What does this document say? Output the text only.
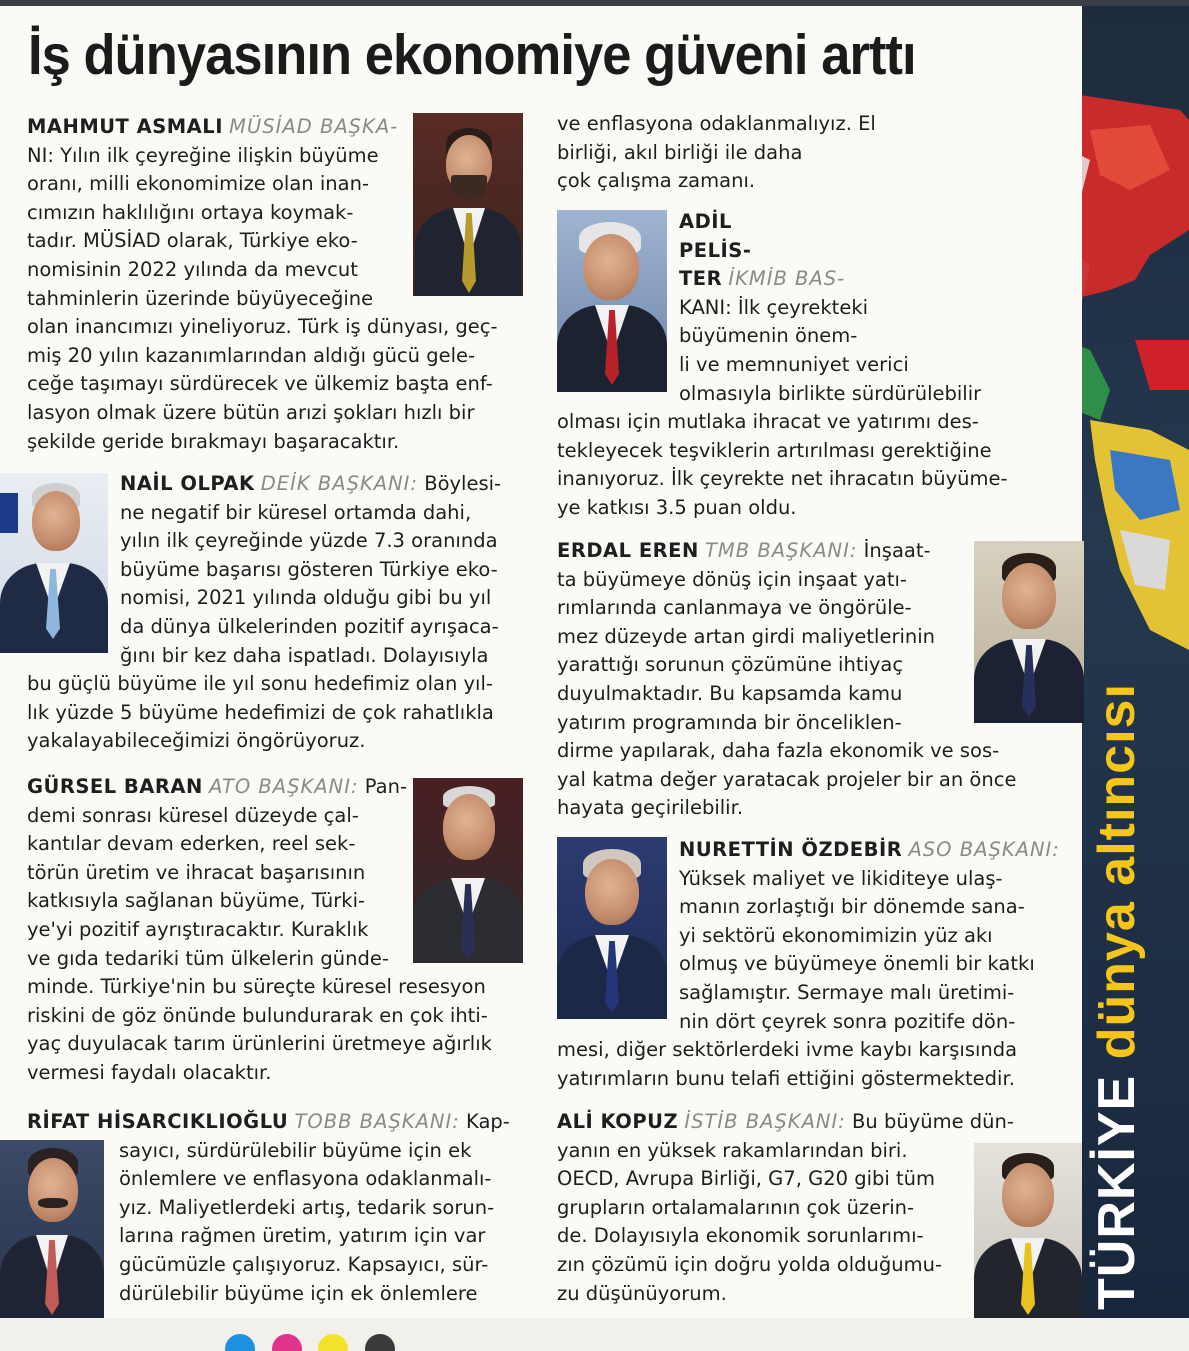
TÜRKİYE dünya altıncısı
İş dünyasının ekonomiye güveni arttı
MAHMUT ASMALI MÜSİAD BAŞKA-
NI: Yılın ilk çeyreğine ilişkin büyüme
oranı, milli ekonomimize olan inan-
cımızın haklılığını ortaya koymak-
tadır. MÜSİAD olarak, Türkiye eko-
nomisinin 2022 yılında da mevcut
tahminlerin üzerinde büyüyeceğine
olan inancımızı yineliyoruz. Türk iş dünyası, geç-
miş 20 yılın kazanımlarından aldığı gücü gele-
ceğe taşımayı sürdürecek ve ülkemiz başta enf-
lasyon olmak üzere bütün arızi şokları hızlı bir
şekilde geride bırakmayı başaracaktır.
NAİL OLPAK DEİK BAŞKANI: Böylesi-
ne negatif bir küresel ortamda dahi,
yılın ilk çeyreğinde yüzde 7.3 oranında
büyüme başarısı gösteren Türkiye eko-
nomisi, 2021 yılında olduğu gibi bu yıl
da dünya ülkelerinden pozitif ayrışaca-
ğını bir kez daha ispatladı. Dolayısıyla
bu güçlü büyüme ile yıl sonu hedefimiz olan yıl-
lık yüzde 5 büyüme hedefimizi de çok rahatlıkla
yakalayabileceğimizi öngörüyoruz.
GÜRSEL BARAN ATO BAŞKANI: Pan-
demi sonrası küresel düzeyde çal-
kantılar devam ederken, reel sek-
törün üretim ve ihracat başarısının
katkısıyla sağlanan büyüme, Türki-
ye'yi pozitif ayrıştıracaktır. Kuraklık
ve gıda tedariki tüm ülkelerin günde-
minde. Türkiye'nin bu süreçte küresel resesyon
riskini de göz önünde bulundurarak en çok ihti-
yaç duyulacak tarım ürünlerini üretmeye ağırlık
vermesi faydalı olacaktır.
RİFAT HİSARCIKLIOĞLU TOBB BAŞKANI: Kap-
sayıcı, sürdürülebilir büyüme için ek
önlemlere ve enflasyona odaklanmalı-
yız. Maliyetlerdeki artış, tedarik sorun-
larına rağmen üretim, yatırım için var
gücümüzle çalışıyoruz. Kapsayıcı, sür-
dürülebilir büyüme için ek önlemlere
ve enflasyona odaklanmalıyız. El
birliği, akıl birliği ile daha
çok çalışma zamanı.
ADİL
PELİS-
TER İKMİB BAS-
KANI: İlk çeyrekteki
büyümenin önem-
li ve memnuniyet verici
olmasıyla birlikte sürdürülebilir
olması için mutlaka ihracat ve yatırımı des-
tekleyecek teşviklerin artırılması gerektiğine
inanıyoruz. İlk çeyrekte net ihracatın büyüme-
ye katkısı 3.5 puan oldu.
ERDAL EREN TMB BAŞKANI: İnşaat-
ta büyümeye dönüş için inşaat yatı-
rımlarında canlanmaya ve öngörüle-
mez düzeyde artan girdi maliyetlerinin
yarattığı sorunun çözümüne ihtiyaç
duyulmaktadır. Bu kapsamda kamu
yatırım programında bir önceliklen-
dirme yapılarak, daha fazla ekonomik ve sos-
yal katma değer yaratacak projeler bir an önce
hayata geçirilebilir.
NURETTİN ÖZDEBİR ASO BAŞKANI:
Yüksek maliyet ve likiditeye ulaş-
manın zorlaştığı bir dönemde sana-
yi sektörü ekonomimizin yüz akı
olmuş ve büyümeye önemli bir katkı
sağlamıştır. Sermaye malı üretimi-
nin dört çeyrek sonra pozitife dön-
mesi, diğer sektörlerdeki ivme kaybı karşısında
yatırımların bunu telafi ettiğini göstermektedir.
ALİ KOPUZ İSTİB BAŞKANI: Bu büyüme dün-
yanın en yüksek rakamlarından biri.
OECD, Avrupa Birliği, G7, G20 gibi tüm
grupların ortalamalarının çok üzerin-
de. Dolayısıyla ekonomik sorunlarımı-
zın çözümü için doğru yolda olduğumu-
zu düşünüyorum.
